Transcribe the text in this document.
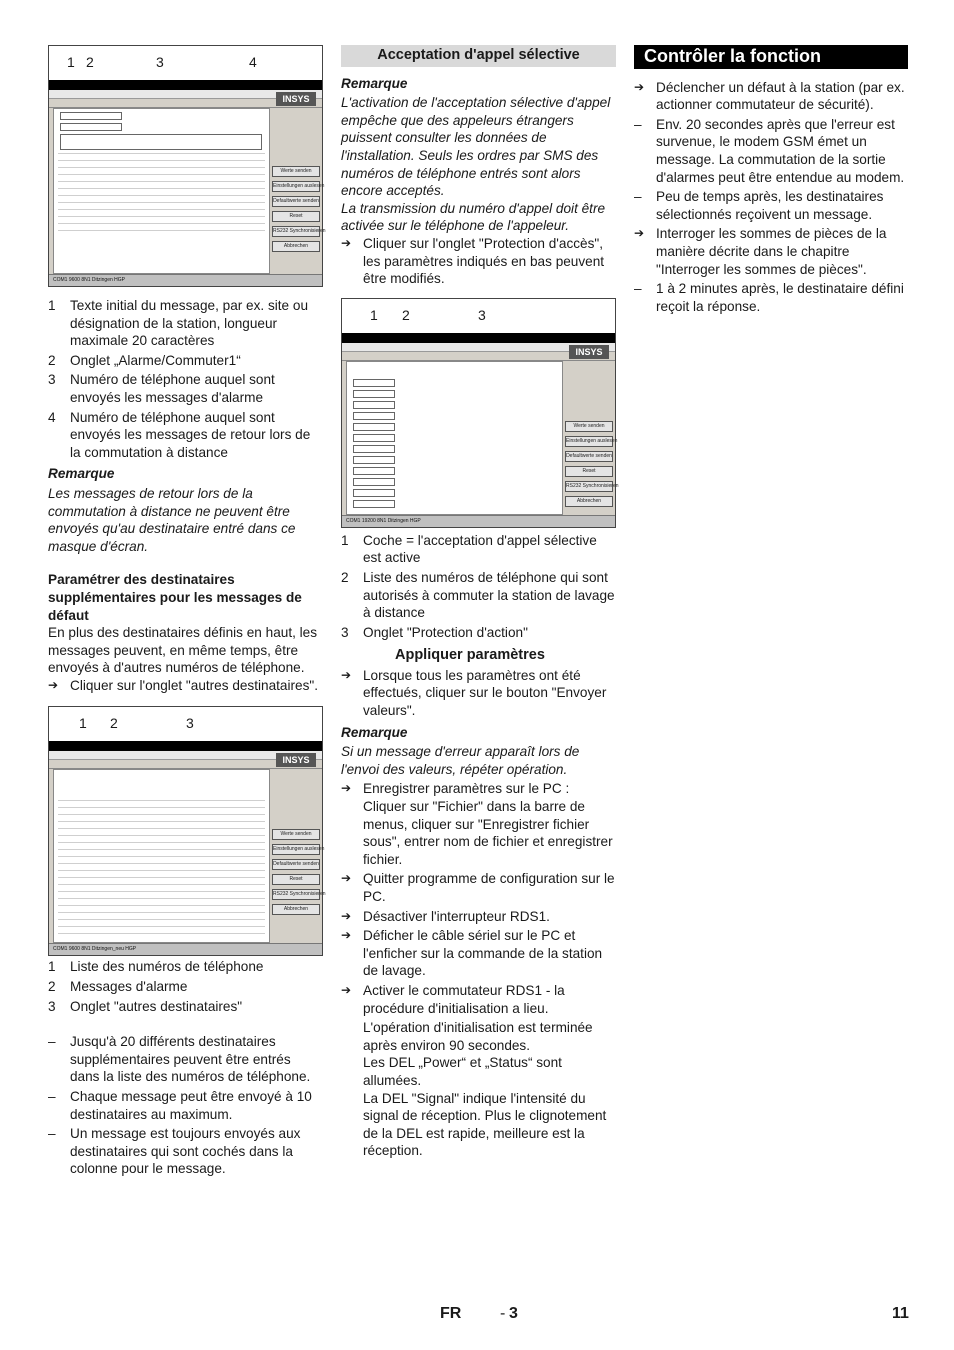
1 2	3	4
INSYS
Werte senden
Einstellungen auslesen
Defaultwerte senden
Reset
RS232 Synchronisieren
Abbrechen
COM1 9600 8N1 Ditzingen HGP
1	Texte initial du message, par ex. site ou désignation de la station, longueur maximale 20 caractères
2	Onglet „Alarme/Commuter1“
3	Numéro de téléphone auquel sont envoyés les messages d'alarme
4	Numéro de téléphone auquel sont envoyés les messages de retour lors de la commutation à distance

Remarque

Les messages de retour lors de la commutation à distance ne peuvent être envoyés qu'au destinataire entré dans ce masque d'écran.

Paramétrer des destinataires supplémentaires pour les messages de défaut

En plus des destinataires définis en haut, les messages peuvent, en même temps, être envoyés à d'autres numéros de téléphone.

➔ Cliquer sur l'onglet "autres destinataires".
1 2	3
INSYS
Werte senden
Einstellungen auslesen
Defaultwerte senden
Reset
RS232 Synchronisieren
Abbrechen
COM1 9600 8N1 Ditzingen_neu HGP
1	Liste des numéros de téléphone
2	Messages d'alarme
3	Onglet "autres destinataires"
–	Jusqu'à 20 différents destinataires supplémentaires peuvent être entrés dans la liste des numéros de téléphone.
–	Chaque message peut être envoyé à 10 destinataires au maximum.
–	Un message est toujours envoyés aux destinataires qui sont cochés dans la colonne pour le message.
Acceptation d'appel sélective

Remarque

L'activation de l'acceptation sélective d'appel empêche que des appeleurs étrangers puissent consulter les données de l'installation. Seuls les ordres par SMS des numéros de téléphone entrés sont alors encore acceptés.

La transmission du numéro d'appel doit être activée sur le téléphone de l'appeleur.

➔ Cliquer sur l'onglet "Protection d'accès", les paramètres indiqués en bas peuvent être modifiés.
1 2	3
INSYS
Werte senden
Einstellungen auslesen
Defaultwerte senden
Reset
RS232 Synchronisieren
Abbrechen
COM1 19200 8N1 Ditzingen HGP
1	Coche = l'acceptation d'appel sélective est active
2	Liste des numéros de téléphone qui sont autorisés à commuter la station de lavage à distance
3	Onglet "Protection d'action"

Appliquer paramètres

➔ Lorsque tous les paramètres ont été effectués, cliquer sur le bouton "Envoyer valeurs".

Remarque

Si un message d'erreur apparaît lors de l'envoi des valeurs, répéter opération.

➔ Enregistrer paramètres sur le PC : Cliquer sur "Fichier" dans la barre de menus, cliquer sur "Enregistrer fichier sous", entrer nom de fichier et enregistrer fichier.
➔ Quitter programme de configuration sur le PC.
➔ Désactiver l'interrupteur RDS1.
➔ Déficher le câble sériel sur le PC et l'enficher sur la commande de la station de lavage.
➔ Activer le commutateur RDS1 - la procédure d'initialisation a lieu.

L'opération d'initialisation est terminée après environ 90 secondes.

Les DEL „Power“ et „Status“ sont allumées.

La DEL "Signal" indique l'intensité du signal de réception. Plus le clignotement de la DEL est rapide, meilleure est la réception.

Contrôler la fonction
➔ Déclencher un défaut à la station (par ex. actionner commutateur de sécurité).
–	Env. 20 secondes après que l'erreur est survenue, le modem GSM émet un message. La commutation de la sortie d'alarmes peut être entendue au modem.
–	Peu de temps après, les destinataires sélectionnés reçoivent un message.
➔ Interroger les sommes de pièces de la manière décrite dans le chapitre "Interroger les sommes de pièces".
–	1 à 2 minutes après, le destinataire défini reçoit la réponse.
FR - 3	11
